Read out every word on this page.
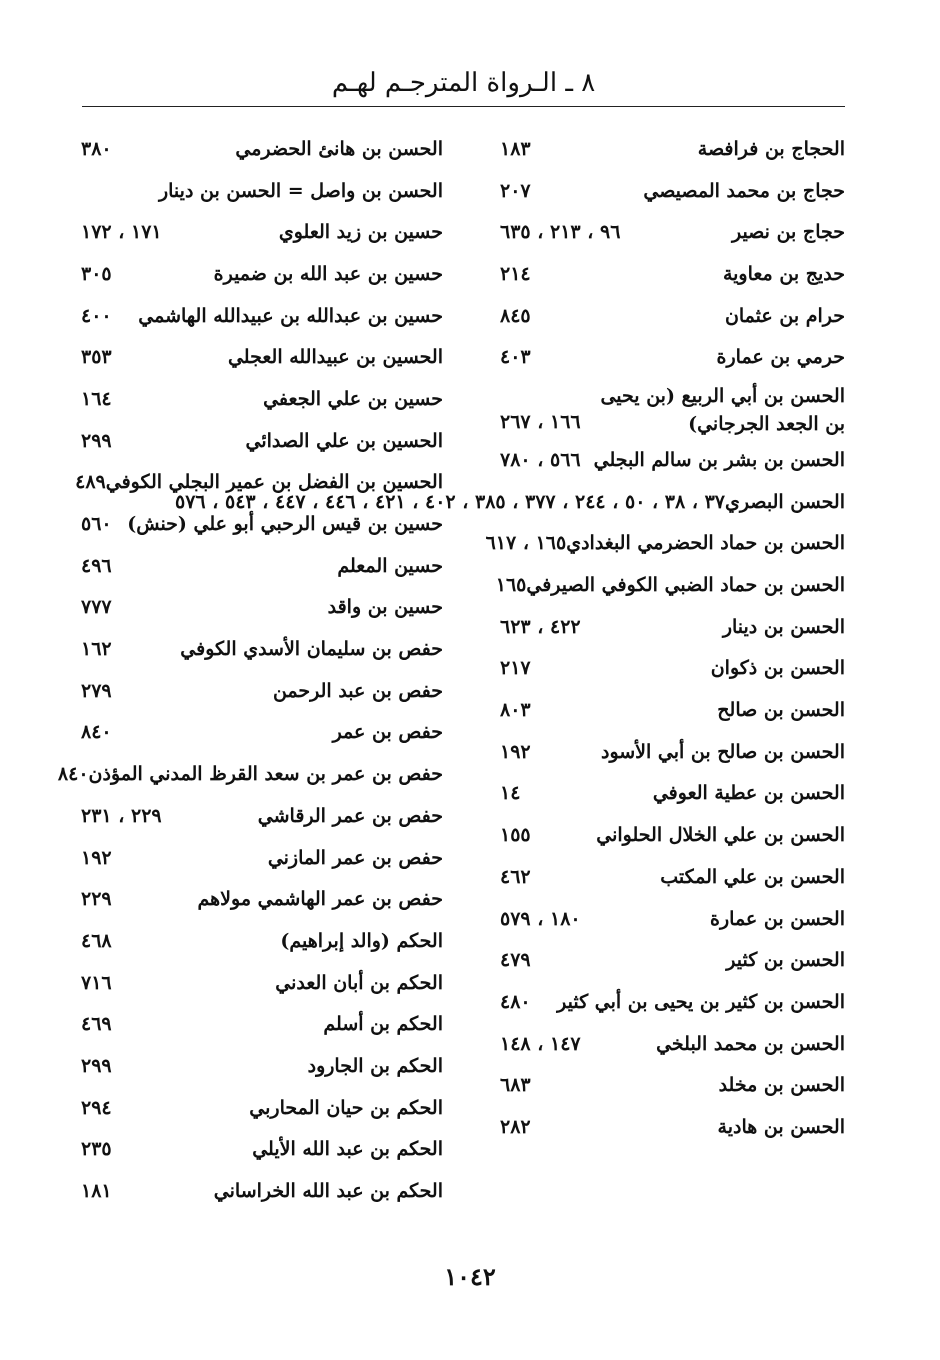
٨ ـ الـرواة المترجـم لهـم
الحجاج بن فرافصة
١٨٣
حجاج بن محمد المصيصي
٢٠٧
حجاج بن نصير
٩٦ ، ٢١٣ ، ٦٣٥
حديج بن معاوية
٢١٤
حرام بن عثمان
٨٤٥
حرمي بن عمارة
٤٠٣
الحسن بن أبي الربيع (بن يحيى بن الجعد الجرجاني)
١٦٦ ، ٢٦٧
الحسن بن بشر بن سالم البجلي
٥٦٦ ، ٧٨٠
الحسن البصري
٣٧ ، ٣٨ ، ٥٠ ، ٢٤٤ ، ٣٧٧ ، ٣٨٥ ، ٤٠٢ ، ٤٢١ ، ٤٤٦ ، ٤٤٧ ، ٥٤٣ ، ٥٧٦
الحسن بن حماد الحضرمي البغدادي
١٦٥ ، ٦١٧
الحسن بن حماد الضبي الكوفي الصيرفي
١٦٥
الحسن بن دينار
٤٢٢ ، ٦٢٣
الحسن بن ذكوان
٢١٧
الحسن بن صالح
٨٠٣
الحسن بن صالح بن أبي الأسود
١٩٢
الحسن بن عطية العوفي
١٤
الحسن بن علي الخلال الحلواني
١٥٥
الحسن بن علي المكتب
٤٦٢
الحسن بن عمارة
١٨٠ ، ٥٧٩
الحسن بن كثير
٤٧٩
الحسن بن كثير بن يحيى بن أبي كثير
٤٨٠
الحسن بن محمد البلخي
١٤٧ ، ١٤٨
الحسن بن مخلد
٦٨٣
الحسن بن هادية
٢٨٢
الحسن بن هانئ الحضرمي
٣٨٠
الحسن بن واصل = الحسن بن دينار
حسين بن زيد العلوي
١٧١ ، ١٧٢
حسين بن عبد الله بن ضميرة
٣٠٥
حسين بن عبدالله بن عبيدالله الهاشمي
٤٠٠
الحسين بن عبيدالله العجلي
٣٥٣
حسين بن علي الجعفي
١٦٤
الحسين بن علي الصدائي
٢٩٩
الحسين بن الفضل بن عمير البجلي الكوفي
٤٨٩
حسين بن قيس الرحبي أبو علي (حنش)
٥٦٠
حسين المعلم
٤٩٦
حسين بن واقد
٧٧٧
حفص بن سليمان الأسدي الكوفي
١٦٢
حفص بن عبد الرحمن
٢٧٩
حفص بن عمر
٨٤٠
حفص بن عمر بن سعد القرظ المدني المؤذن
٨٤٠
حفص بن عمر الرقاشي
٢٢٩ ، ٢٣١
حفص بن عمر المازني
١٩٢
حفص بن عمر الهاشمي مولاهم
٢٢٩
الحكم (والد إبراهيم)
٤٦٨
الحكم بن أبان العدني
٧١٦
الحكم بن أسلم
٤٦٩
الحكم بن الجارود
٢٩٩
الحكم بن حيان المحاربي
٢٩٤
الحكم بن عبد الله الأيلي
٢٣٥
الحكم بن عبد الله الخراساني
١٨١
١٠٤٢
